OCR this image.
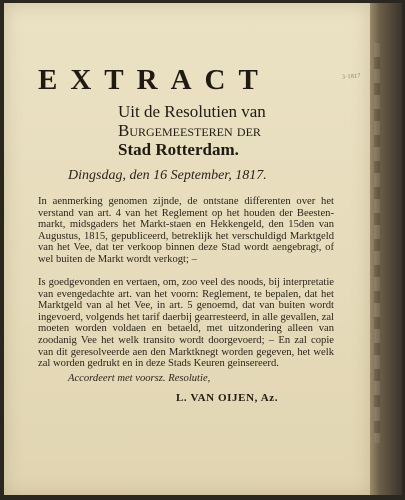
3·1817
EXTRACT
Uit de Resolutien van
Burgemeesteren der
Stad Rotterdam.
Dingsdag, den 16 September, 1817.

In aenmerking genomen zijnde, de ontstane differenten over het verstand van art. 4 van het Reglement op het houden der Beesten-markt, midsgaders het Markt-staen en Hekkengeld, den 15den van Augustus, 1815, gepubliceerd, betreklijk het verschuldigd Marktgeld van het Vee, dat ter verkoop binnen deze Stad wordt aengebragt, of wel buiten de Markt wordt verkogt; –

Is goedgevonden en vertaen, om, zoo veel des noods, bij interpretatie van evengedachte art. van het voorn: Reglement, te bepalen, dat het Marktgeld van al het Vee, in art. 5 genoemd, dat van buiten wordt ingevoerd, volgends het tarif daerbij gearresteerd, in alle gevallen, zal moeten worden voldaen en betaeld, met uitzondering alleen van zoodanig Vee het welk transito wordt doorgevoerd; – En zal copie van dit geresolveerde aen den Marktknegt worden gegeven, het welk zal worden gedrukt en in deze Stads Keuren geinsereerd.

Accordeert met voorsz. Resolutie,
L. VAN OIJEN, Az.
